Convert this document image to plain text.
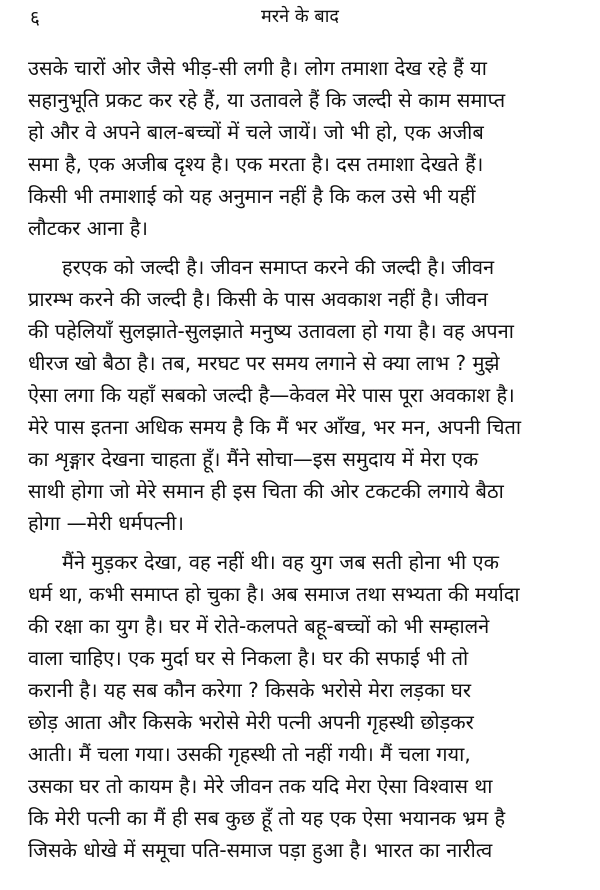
६	मरने के बाद
उसके चारों ओर जैसे भीड़-सी लगी है। लोग तमाशा देख रहे हैं या
सहानुभूति प्रकट कर रहे हैं, या उतावले हैं कि जल्दी से काम समाप्त
हो और वे अपने बाल-बच्चों में चले जायें। जो भी हो, एक अजीब
समा है, एक अजीब दृश्य है। एक मरता है। दस तमाशा देखते हैं।
किसी भी तमाशाई को यह अनुमान नहीं है कि कल उसे भी यहीं
लौटकर आना है।
हरएक को जल्दी है। जीवन समाप्त करने की जल्दी है। जीवन
प्रारम्भ करने की जल्दी है। किसी के पास अवकाश नहीं है। जीवन
की पहेलियाँ सुलझाते-सुलझाते मनुष्य उतावला हो गया है। वह अपना
धीरज खो बैठा है। तब, मरघट पर समय लगाने से क्या लाभ ? मुझे
ऐसा लगा कि यहाँ सबको जल्दी है—केवल मेरे पास पूरा अवकाश है।
मेरे पास इतना अधिक समय है कि मैं भर आँख, भर मन, अपनी चिता
का शृङ्गार देखना चाहता हूँ। मैंने सोचा—इस समुदाय में मेरा एक
साथी होगा जो मेरे समान ही इस चिता की ओर टकटकी लगाये बैठा
होगा —मेरी धर्मपत्नी।
मैंने मुड़कर देखा, वह नहीं थी। वह युग जब सती होना भी एक
धर्म था, कभी समाप्त हो चुका है। अब समाज तथा सभ्यता की मर्यादा
की रक्षा का युग है। घर में रोते-कलपते बहू-बच्चों को भी सम्हालने
वाला चाहिए। एक मुर्दा घर से निकला है। घर की सफाई भी तो
करानी है। यह सब कौन करेगा ? किसके भरोसे मेरा लड़का घर
छोड़ आता और किसके भरोसे मेरी पत्नी अपनी गृहस्थी छोड़कर
आती। मैं चला गया। उसकी गृहस्थी तो नहीं गयी। मैं चला गया,
उसका घर तो कायम है। मेरे जीवन तक यदि मेरा ऐसा विश्वास था
कि मेरी पत्नी का मैं ही सब कुछ हूँ तो यह एक ऐसा भयानक भ्रम है
जिसके धोखे में समूचा पति-समाज पड़ा हुआ है। भारत का नारीत्व
